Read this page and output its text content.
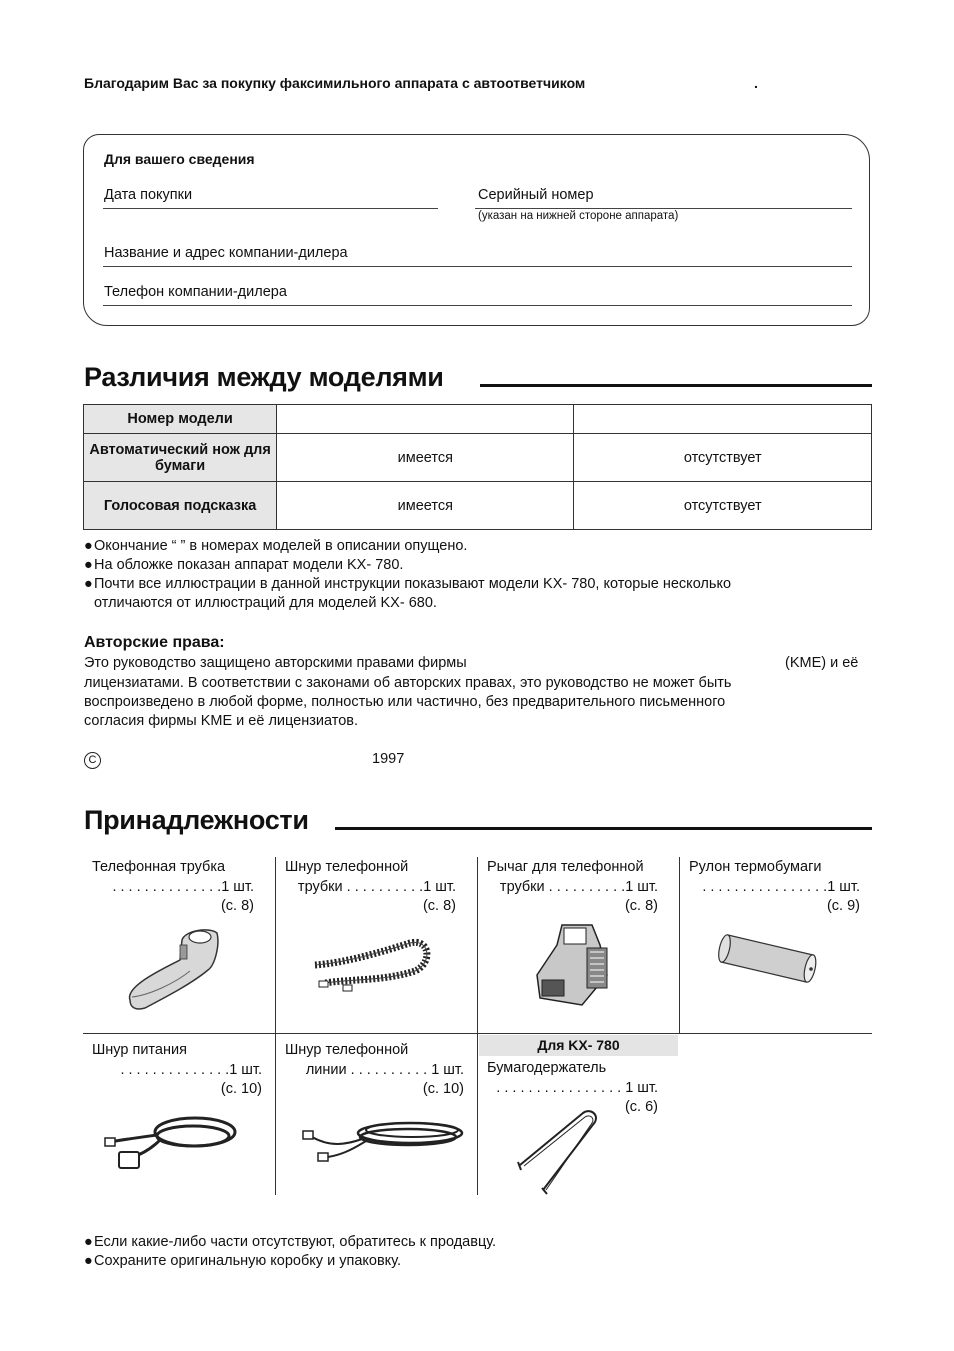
Благодарим Вас за покупку факсимильного аппарата с автоответчиком	.
Для вашего сведения
Дата покупки	Серийный номер
(указан на нижней стороне аппарата)
Название и адрес компании-дилера
Телефон компании-дилера
Различия между моделями
Номер модели		
Автоматический нож для бумаги	имеется	отсутствует
Голосовая подсказка	имеется	отсутствует
●Окончание “ ” в номерах моделей в описании опущено.
●На обложке показан аппарат модели KX- 780.
●Почти все иллюстрации в данной инструкции показывают модели KX- 780, которые несколько
отличаются от иллюстраций для моделей KX- 680.
Авторские права:
Это руководство защищено авторскими правами фирмы	(KME) и её
лицензиатами. В соответствии с законами об авторских правах, это руководство не может быть
воспроизведено в любой форме, полностью или частично, без предварительного письменного
согласия фирмы KME и её лицензиатов.
C	1997
Принадлежности
Телефонная трубка
. . . . . . . . . . . . . .1 шт.
(с. 8)
Шнур телефонной
трубки . . . . . . . . . .1 шт.
(с. 8)
Рычаг для телефонной
трубки . . . . . . . . . .1 шт.
(с. 8)
Рулон термобумаги
. . . . . . . . . . . . . . . .1 шт.
(с. 9)
Шнур питания
. . . . . . . . . . . . . .1 шт.
(с. 10)
Шнур телефонной
линии . . . . . . . . . . 1 шт.
(с. 10)
Для KX- 780
Бумагодержатель
. . . . . . . . . . . . . . . . 1 шт.
(с. 6)
●Если какие-либо части отсутствуют, обратитесь к продавцу.
●Сохраните оригинальную коробку и упаковку.
